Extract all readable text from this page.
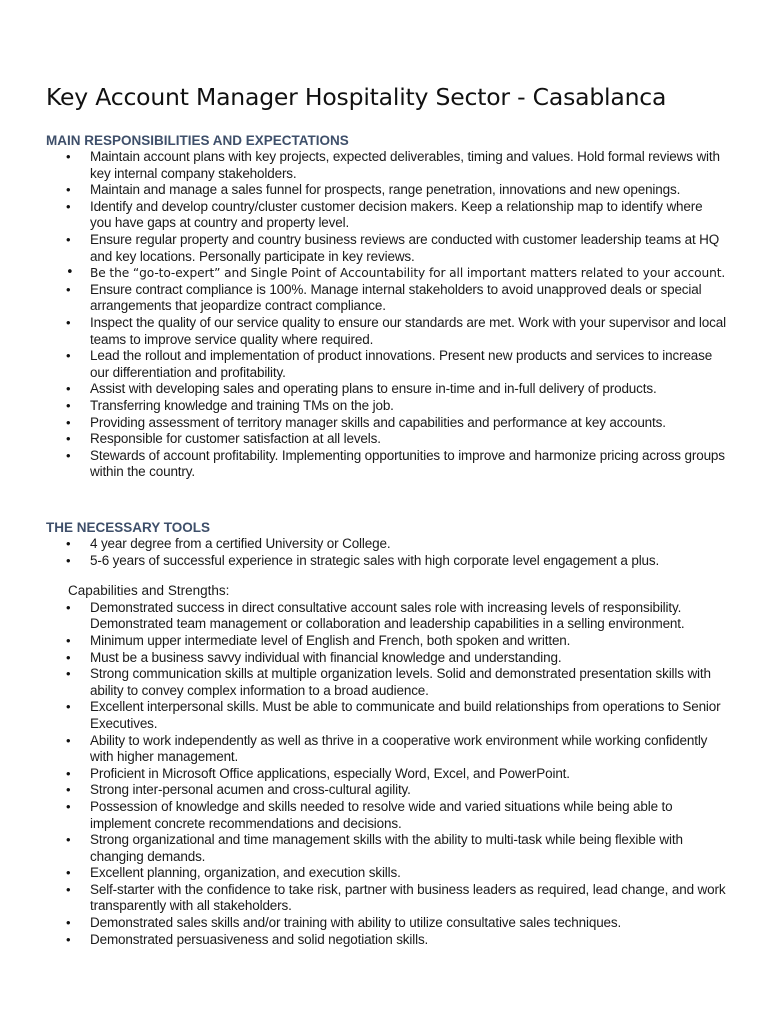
Key Account Manager Hospitality Sector - Casablanca
MAIN RESPONSIBILITIES AND EXPECTATIONS
• Maintain account plans with key projects, expected deliverables, timing and values. Hold formal reviews with key internal company stakeholders.
• Maintain and manage a sales funnel for prospects, range penetration, innovations and new openings.
• Identify and develop country/cluster customer decision makers. Keep a relationship map to identify where you have gaps at country and property level.
• Ensure regular property and country business reviews are conducted with customer leadership teams at HQ and key locations. Personally participate in key reviews.
• Be the “go-to-expert” and Single Point of Accountability for all important matters related to your account.
• Ensure contract compliance is 100%. Manage internal stakeholders to avoid unapproved deals or special arrangements that jeopardize contract compliance.
• Inspect the quality of our service quality to ensure our standards are met. Work with your supervisor and local teams to improve service quality where required.
• Lead the rollout and implementation of product innovations. Present new products and services to increase our differentiation and profitability.
• Assist with developing sales and operating plans to ensure in-time and in-full delivery of products.
• Transferring knowledge and training TMs on the job.
• Providing assessment of territory manager skills and capabilities and performance at key accounts.
• Responsible for customer satisfaction at all levels.
• Stewards of account profitability. Implementing opportunities to improve and harmonize pricing across groups within the country.
THE NECESSARY TOOLS
• 4 year degree from a certified University or College.
• 5-6 years of successful experience in strategic sales with high corporate level engagement a plus.

Capabilities and Strengths:

• Demonstrated success in direct consultative account sales role with increasing levels of responsibility. Demonstrated team management or collaboration and leadership capabilities in a selling environment.
• Minimum upper intermediate level of English and French, both spoken and written.
• Must be a business savvy individual with financial knowledge and understanding.
• Strong communication skills at multiple organization levels. Solid and demonstrated presentation skills with ability to convey complex information to a broad audience.
• Excellent interpersonal skills. Must be able to communicate and build relationships from operations to Senior Executives.
• Ability to work independently as well as thrive in a cooperative work environment while working confidently with higher management.
• Proficient in Microsoft Office applications, especially Word, Excel, and PowerPoint.
• Strong inter-personal acumen and cross-cultural agility.
• Possession of knowledge and skills needed to resolve wide and varied situations while being able to implement concrete recommendations and decisions.
• Strong organizational and time management skills with the ability to multi-task while being flexible with changing demands.
• Excellent planning, organization, and execution skills.
• Self-starter with the confidence to take risk, partner with business leaders as required, lead change, and work transparently with all stakeholders.
• Demonstrated sales skills and/or training with ability to utilize consultative sales techniques.
• Demonstrated persuasiveness and solid negotiation skills.
